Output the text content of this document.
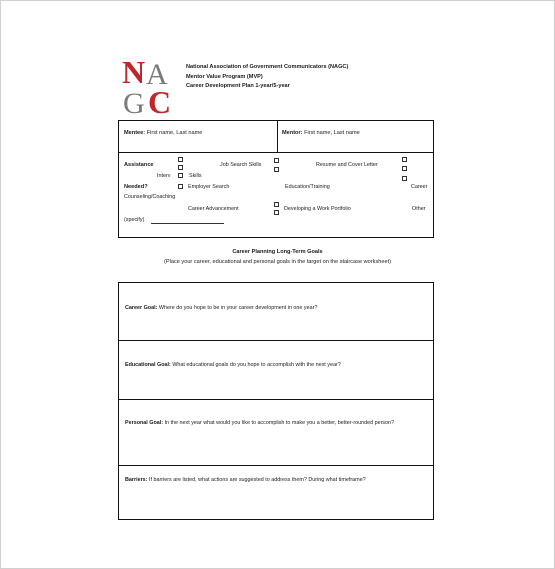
N A
G C
National Association of Government Communicators (NAGC)
Mentor Value Program (MVP)
Career Development Plan 1-year/5-year
Mentee: First name, Last name	Mentor: First name, Last name
Assistance	Job Search Skills	Resume and Cover Letter
Interv	Skills
Needed?	Employer Search	Education/Training	Career
Counseling/Coaching
Career Advancement	Developing a Work Portfolio	Other
(specify)
Career Planning Long-Term Goals
(Place your career, educational and personal goals in the target on the staircase worksheet)
Career Goal: Where do you hope to be in your career development in one year?
Educational Goal: What educational goals do you hope to accomplish with the next year?
Personal Goal: In the next year what would you like to accomplish to make you a better, better-rounded person?
Barriers: If barriers are listed, what actions are suggested to address them? During what timeframe?
